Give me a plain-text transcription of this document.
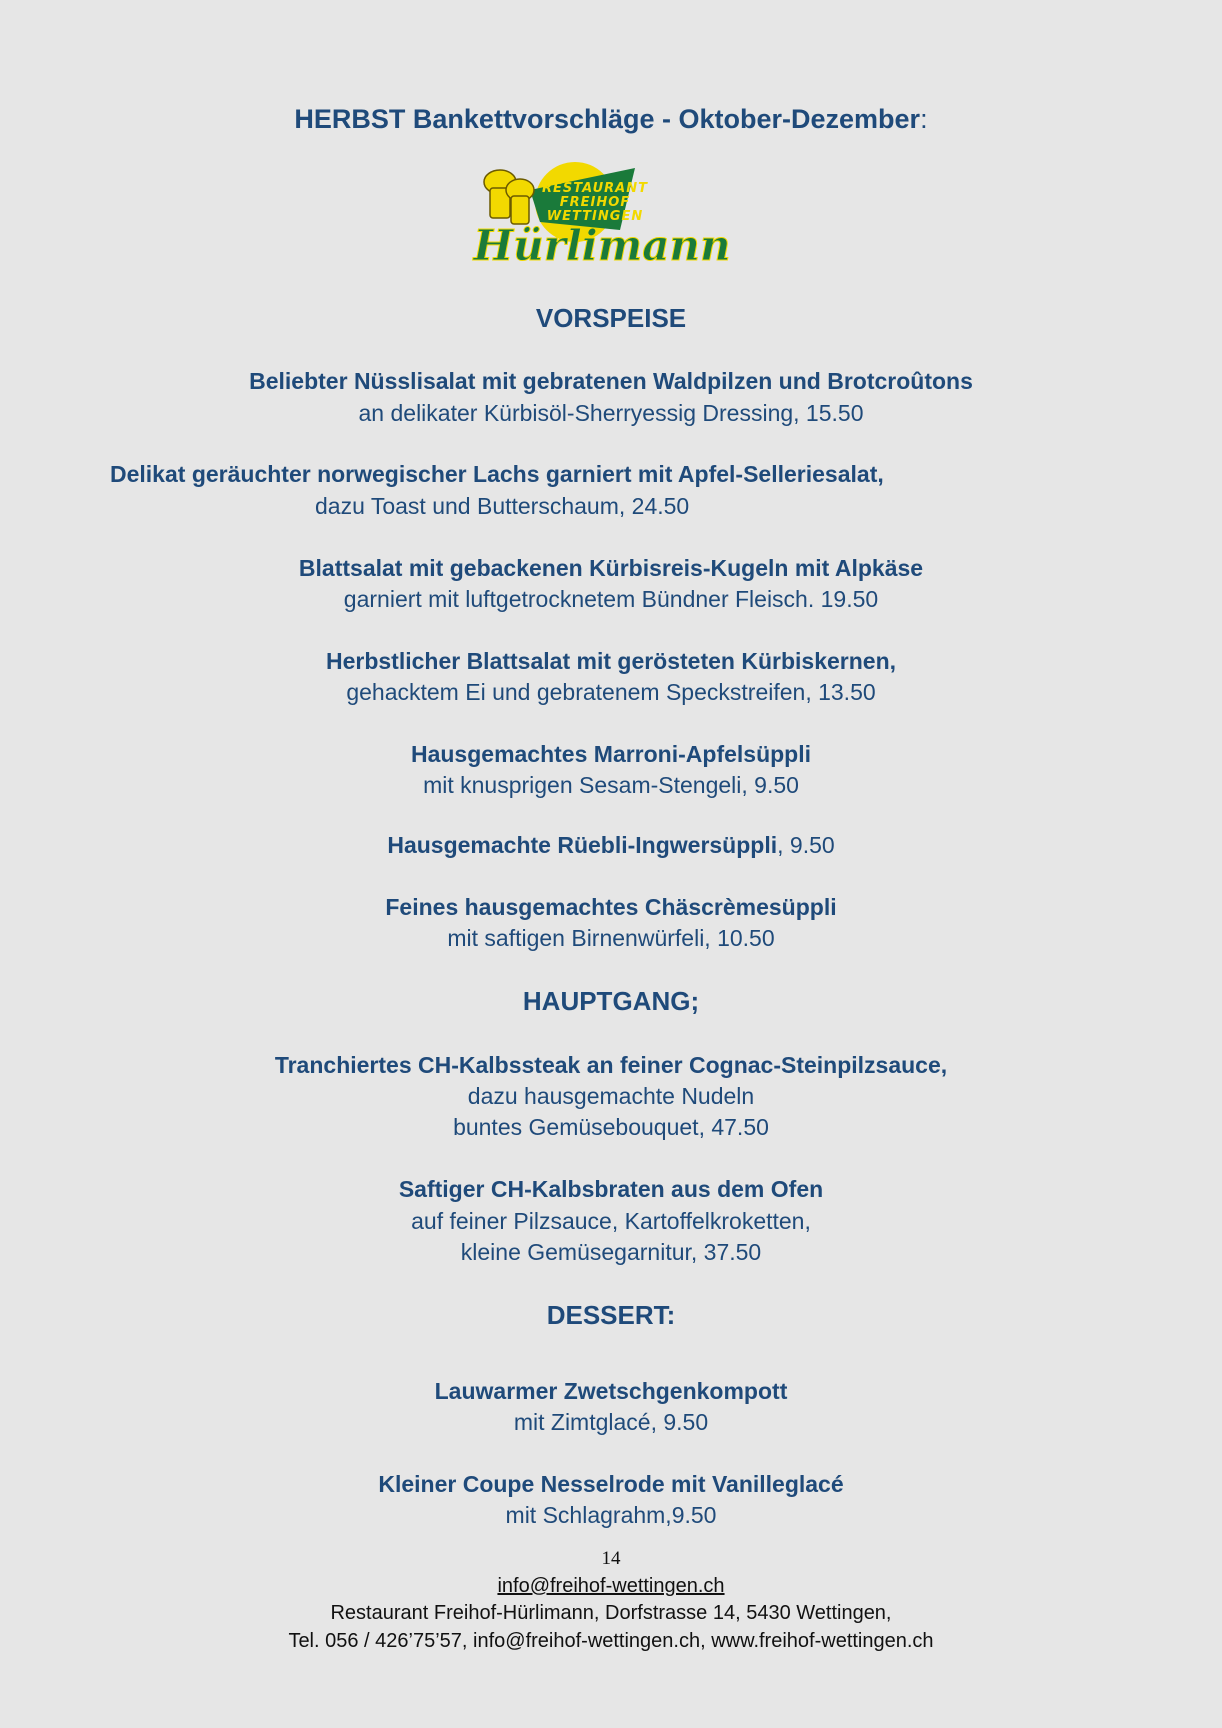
HERBST Bankettvorschläge - Oktober-Dezember:
RESTAURANT
FREIHOF
WETTINGEN
Hürlimann
VORSPEISE
Beliebter Nüsslisalat mit gebratenen Waldpilzen und Brotcroûtons
an delikater Kürbisöl-Sherryessig Dressing, 15.50
Delikat geräuchter norwegischer Lachs garniert mit Apfel-Selleriesalat,
dazu Toast und Butterschaum, 24.50
Blattsalat mit gebackenen Kürbisreis-Kugeln mit Alpkäse
garniert mit luftgetrocknetem Bündner Fleisch. 19.50
Herbstlicher Blattsalat mit gerösteten Kürbiskernen,
gehacktem Ei und gebratenem Speckstreifen, 13.50
Hausgemachtes Marroni-Apfelsüppli
mit knusprigen Sesam-Stengeli, 9.50
Hausgemachte Rüebli-Ingwersüppli, 9.50
Feines hausgemachtes Chäscrèmesüppli
mit saftigen Birnenwürfeli, 10.50
HAUPTGANG;
Tranchiertes CH-Kalbssteak an feiner Cognac-Steinpilzsauce,
dazu hausgemachte Nudeln
buntes Gemüsebouquet, 47.50
Saftiger CH-Kalbsbraten aus dem Ofen
auf feiner Pilzsauce, Kartoffelkroketten,
kleine Gemüsegarnitur, 37.50
DESSERT:
Lauwarmer Zwetschgenkompott
mit Zimtglacé, 9.50
Kleiner Coupe Nesselrode mit Vanilleglacé
mit Schlagrahm,9.50
14
info@freihof-wettingen.ch
Restaurant Freihof-Hürlimann, Dorfstrasse 14, 5430 Wettingen,
Tel. 056 / 426’75’57, info@freihof-wettingen.ch, www.freihof-wettingen.ch
